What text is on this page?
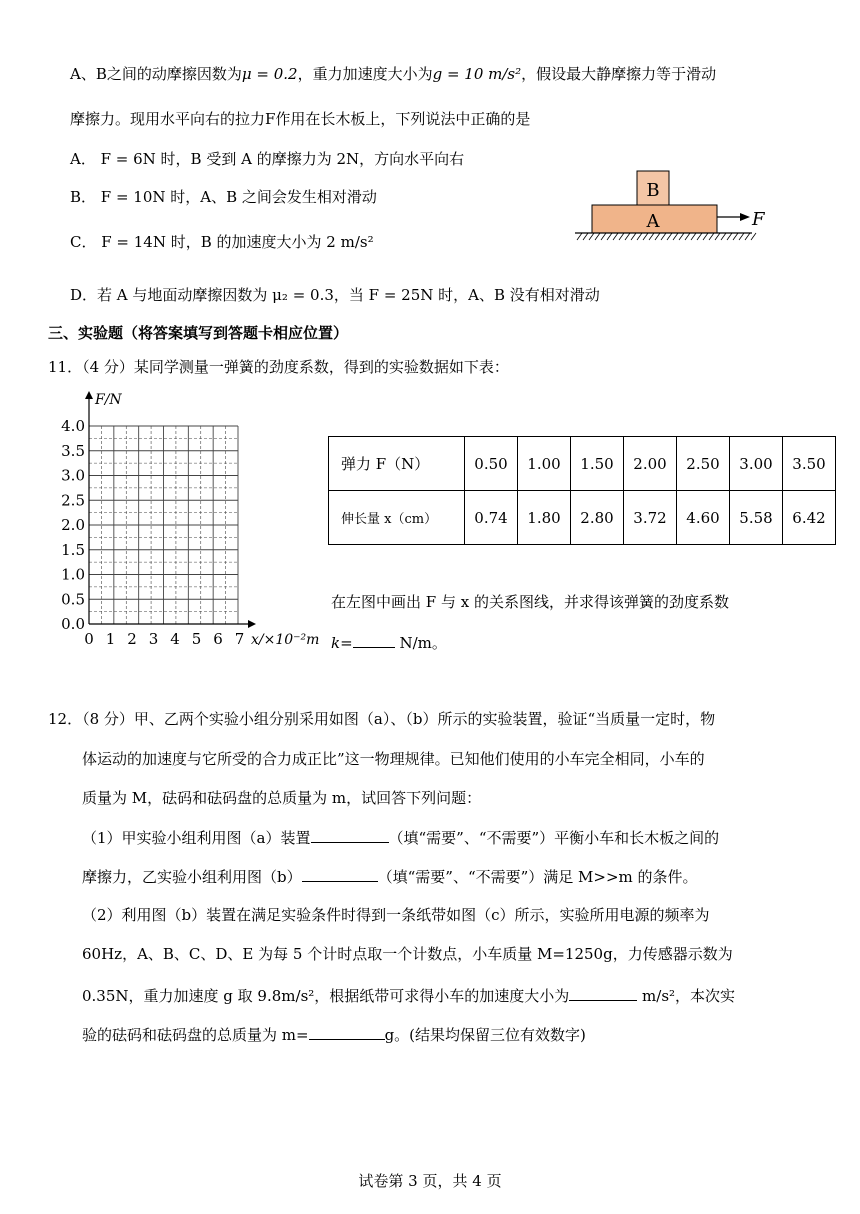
A、B之间的动摩擦因数为μ = 0.2，重力加速度大小为g = 10 m/s²，假设最大静摩擦力等于滑动
摩擦力。现用水平向右的拉力F作用在长木板上，下列说法中正确的是
A． F = 6N 时，B 受到 A 的摩擦力为 2N，方向水平向右
B． F = 10N 时，A、B 之间会发生相对滑动
C． F = 14N 时，B 的加速度大小为 2 m/s²
D．若 A 与地面动摩擦因数为 μ₂ = 0.3，当 F = 25N 时，A、B 没有相对滑动
B
A	F
三、实验题（将答案填写到答题卡相应位置）
11．（4 分）某同学测量一弹簧的劲度系数，得到的实验数据如下表：
F/N
4.0
3.5
3.0
2.5
2.0
1.5
1.0
0.5
0.0
0 1 2 3 4 5 6 7 x/×10⁻²m
弹力 F（N）	0.50	1.00	1.50	2.00	2.50	3.00	3.50
伸长量 x（cm）	0.74	1.80	2.80	3.72	4.60	5.58	6.42
在左图中画出 F 与 x 的关系图线，并求得该弹簧的劲度系数
k=	N/m。
12．（8 分）甲、乙两个实验小组分别采用如图（a）、（b）所示的实验装置，验证“当质量一定时，物
体运动的加速度与它所受的合力成正比”这一物理规律。已知他们使用的小车完全相同，小车的
质量为 M，砝码和砝码盘的总质量为 m，试回答下列问题：
（1）甲实验小组利用图（a）装置	（填“需要”、“不需要”）平衡小车和长木板之间的
摩擦力，乙实验小组利用图（b）	（填“需要”、“不需要”）满足 M>>m 的条件。
（2）利用图（b）装置在满足实验条件时得到一条纸带如图（c）所示，实验所用电源的频率为
60Hz，A、B、C、D、E 为每 5 个计时点取一个计数点，小车质量 M=1250g，力传感器示数为
0.35N，重力加速度 g 取 9.8m/s²，根据纸带可求得小车的加速度大小为	m/s²，本次实
验的砝码和砝码盘的总质量为 m=	g。(结果均保留三位有效数字)
试卷第 3 页，共 4 页
